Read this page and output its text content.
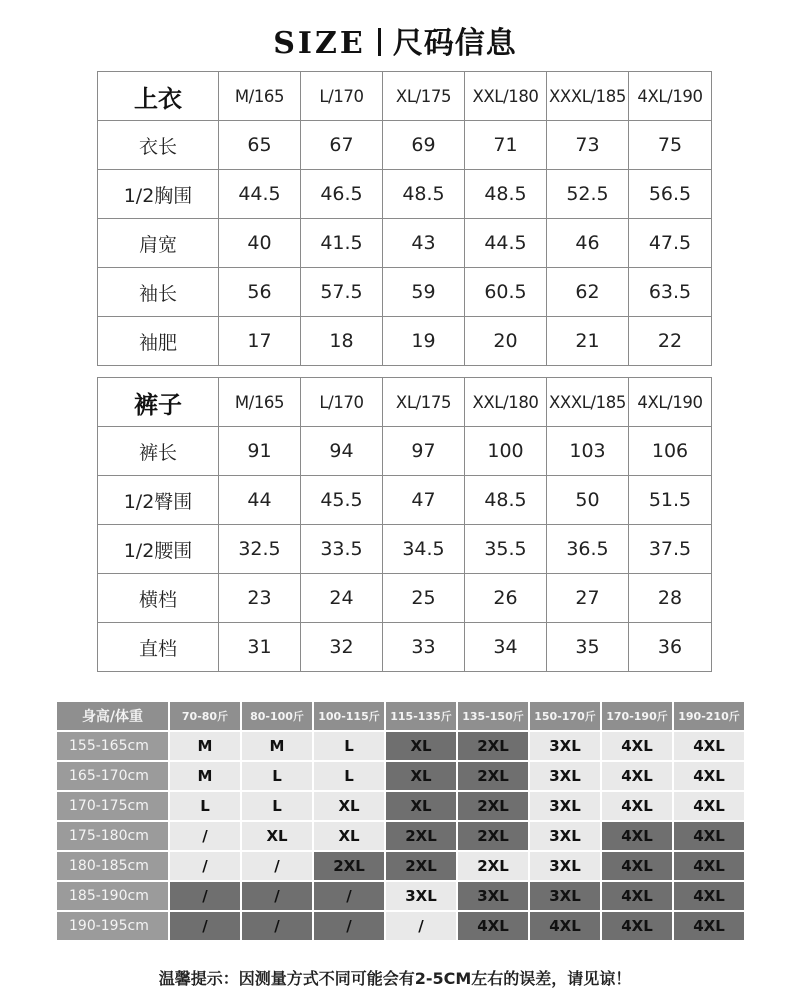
SIZE 尺码信息
上衣	M/165	L/170	XL/175	XXL/180	XXXL/185	4XL/190
衣长	65	67	69	71	73	75
1/2胸围	44.5	46.5	48.5	48.5	52.5	56.5
肩宽	40	41.5	43	44.5	46	47.5
袖长	56	57.5	59	60.5	62	63.5
袖肥	17	18	19	20	21	22
裤子	M/165	L/170	XL/175	XXL/180	XXXL/185	4XL/190
裤长	91	94	97	100	103	106
1/2臀围	44	45.5	47	48.5	50	51.5
1/2腰围	32.5	33.5	34.5	35.5	36.5	37.5
横档	23	24	25	26	27	28
直档	31	32	33	34	35	36
身高/体重	70-80斤	80-100斤	100-115斤	115-135斤	135-150斤	150-170斤	170-190斤	190-210斤
155-165cm	M	M	L	XL	2XL	3XL	4XL	4XL
165-170cm	M	L	L	XL	2XL	3XL	4XL	4XL
170-175cm	L	L	XL	XL	2XL	3XL	4XL	4XL
175-180cm	/	XL	XL	2XL	2XL	3XL	4XL	4XL
180-185cm	/	/	2XL	2XL	2XL	3XL	4XL	4XL
185-190cm	/	/	/	3XL	3XL	3XL	4XL	4XL
190-195cm	/	/	/	/	4XL	4XL	4XL	4XL
温馨提示：因测量方式不同可能会有2-5CM左右的误差，请见谅！
